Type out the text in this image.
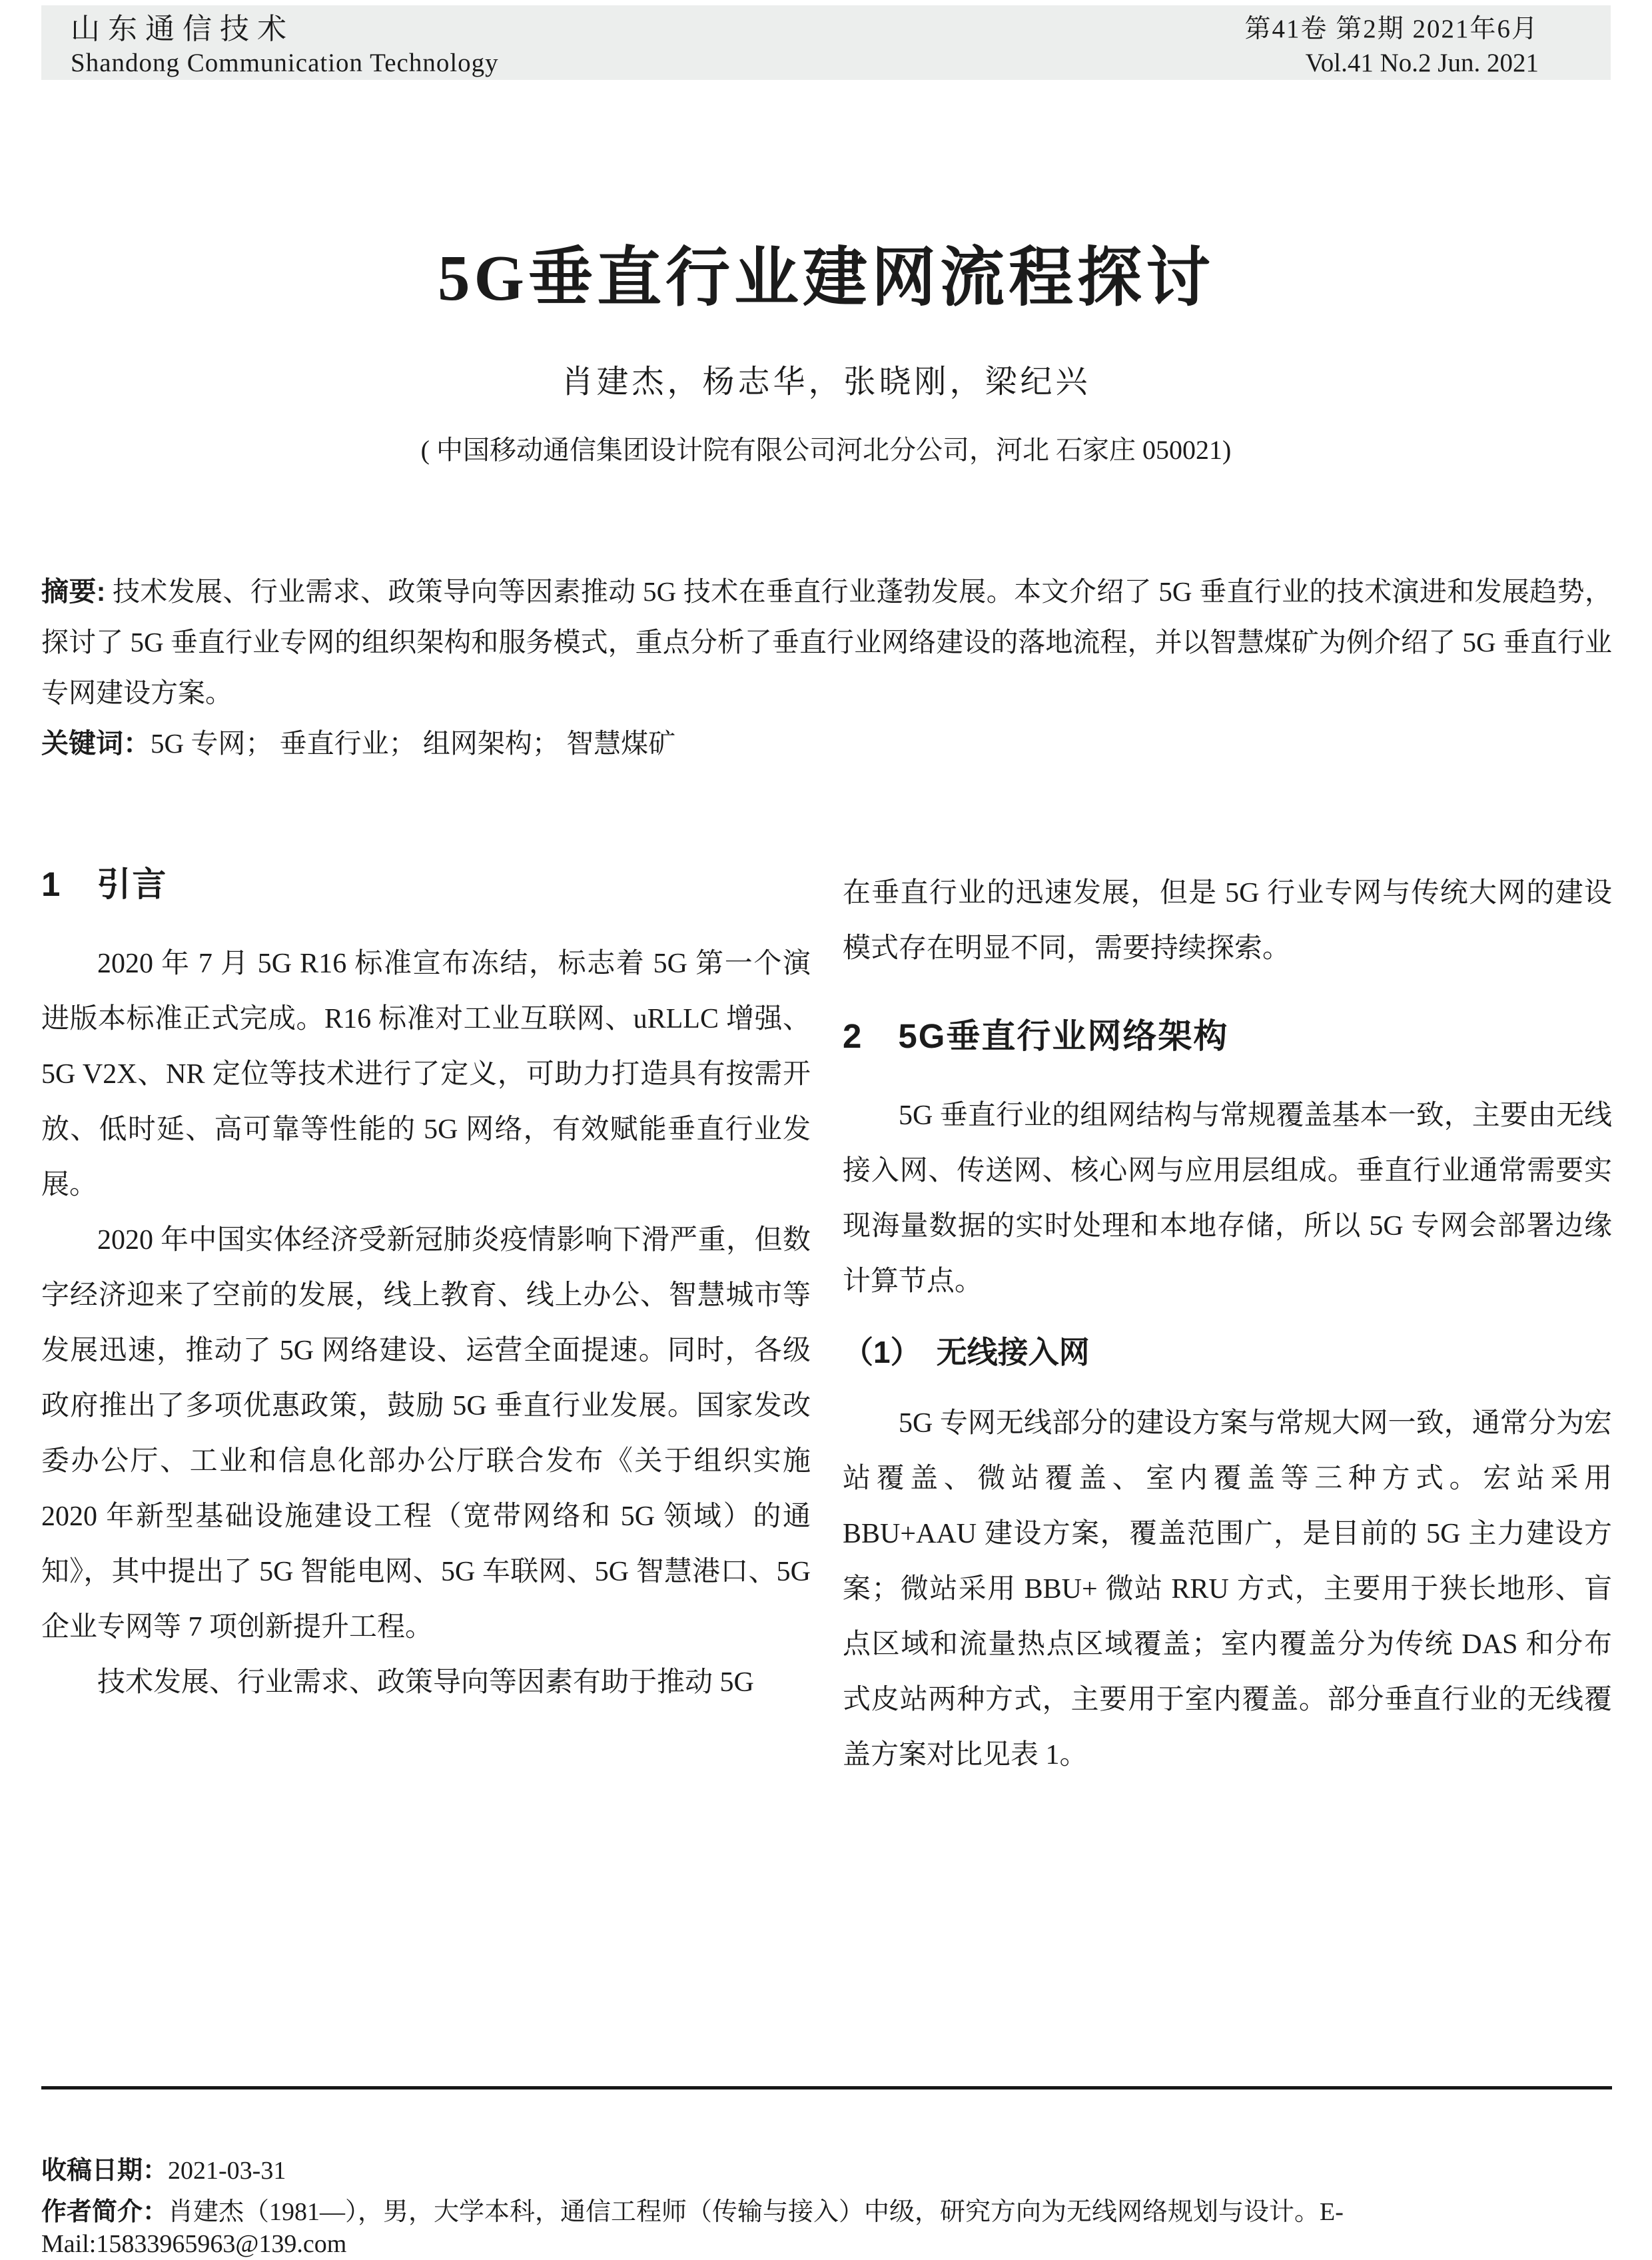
山东通信技术
Shandong Communication Technology
第41卷 第2期 2021年6月
Vol.41 No.2 Jun. 2021
5G垂直行业建网流程探讨
肖建杰，杨志华，张晓刚，梁纪兴
( 中国移动通信集团设计院有限公司河北分公司，河北 石家庄 050021)

摘要: 技术发展、行业需求、政策导向等因素推动 5G 技术在垂直行业蓬勃发展。本文介绍了 5G 垂直行业的技术演进和发展趋势，探讨了 5G 垂直行业专网的组织架构和服务模式，重点分析了垂直行业网络建设的落地流程，并以智慧煤矿为例介绍了 5G 垂直行业专网建设方案。

关键词：5G 专网； 垂直行业； 组网架构； 智慧煤矿

1　引言

2020 年 7 月 5G R16 标准宣布冻结，标志着 5G 第一个演进版本标准正式完成。R16 标准对工业互联网、uRLLC 增强、5G V2X、NR 定位等技术进行了定义，可助力打造具有按需开放、低时延、高可靠等性能的 5G 网络，有效赋能垂直行业发展。

2020 年中国实体经济受新冠肺炎疫情影响下滑严重，但数字经济迎来了空前的发展，线上教育、线上办公、智慧城市等发展迅速，推动了 5G 网络建设、运营全面提速。同时，各级政府推出了多项优惠政策，鼓励 5G 垂直行业发展。国家发改委办公厅、工业和信息化部办公厅联合发布《关于组织实施 2020 年新型基础设施建设工程（宽带网络和 5G 领域）的通知》，其中提出了 5G 智能电网、5G 车联网、5G 智慧港口、5G 企业专网等 7 项创新提升工程。

技术发展、行业需求、政策导向等因素有助于推动 5G

在垂直行业的迅速发展，但是 5G 行业专网与传统大网的建设模式存在明显不同，需要持续探索。

2　5G垂直行业网络架构

5G 垂直行业的组网结构与常规覆盖基本一致，主要由无线接入网、传送网、核心网与应用层组成。垂直行业通常需要实现海量数据的实时处理和本地存储，所以 5G 专网会部署边缘计算节点。

（1）　无线接入网

5G 专网无线部分的建设方案与常规大网一致，通常分为宏站覆盖、微站覆盖、室内覆盖等三种方式。宏站采用 BBU+AAU 建设方案，覆盖范围广，是目前的 5G 主力建设方案；微站采用 BBU+ 微站 RRU 方式，主要用于狭长地形、盲点区域和流量热点区域覆盖；室内覆盖分为传统 DAS 和分布式皮站两种方式，主要用于室内覆盖。部分垂直行业的无线覆盖方案对比见表 1。

收稿日期：2021-03-31
作者简介：肖建杰（1981—），男，大学本科，通信工程师（传输与接入）中级，研究方向为无线网络规划与设计。E-Mail:15833965963@139.com
